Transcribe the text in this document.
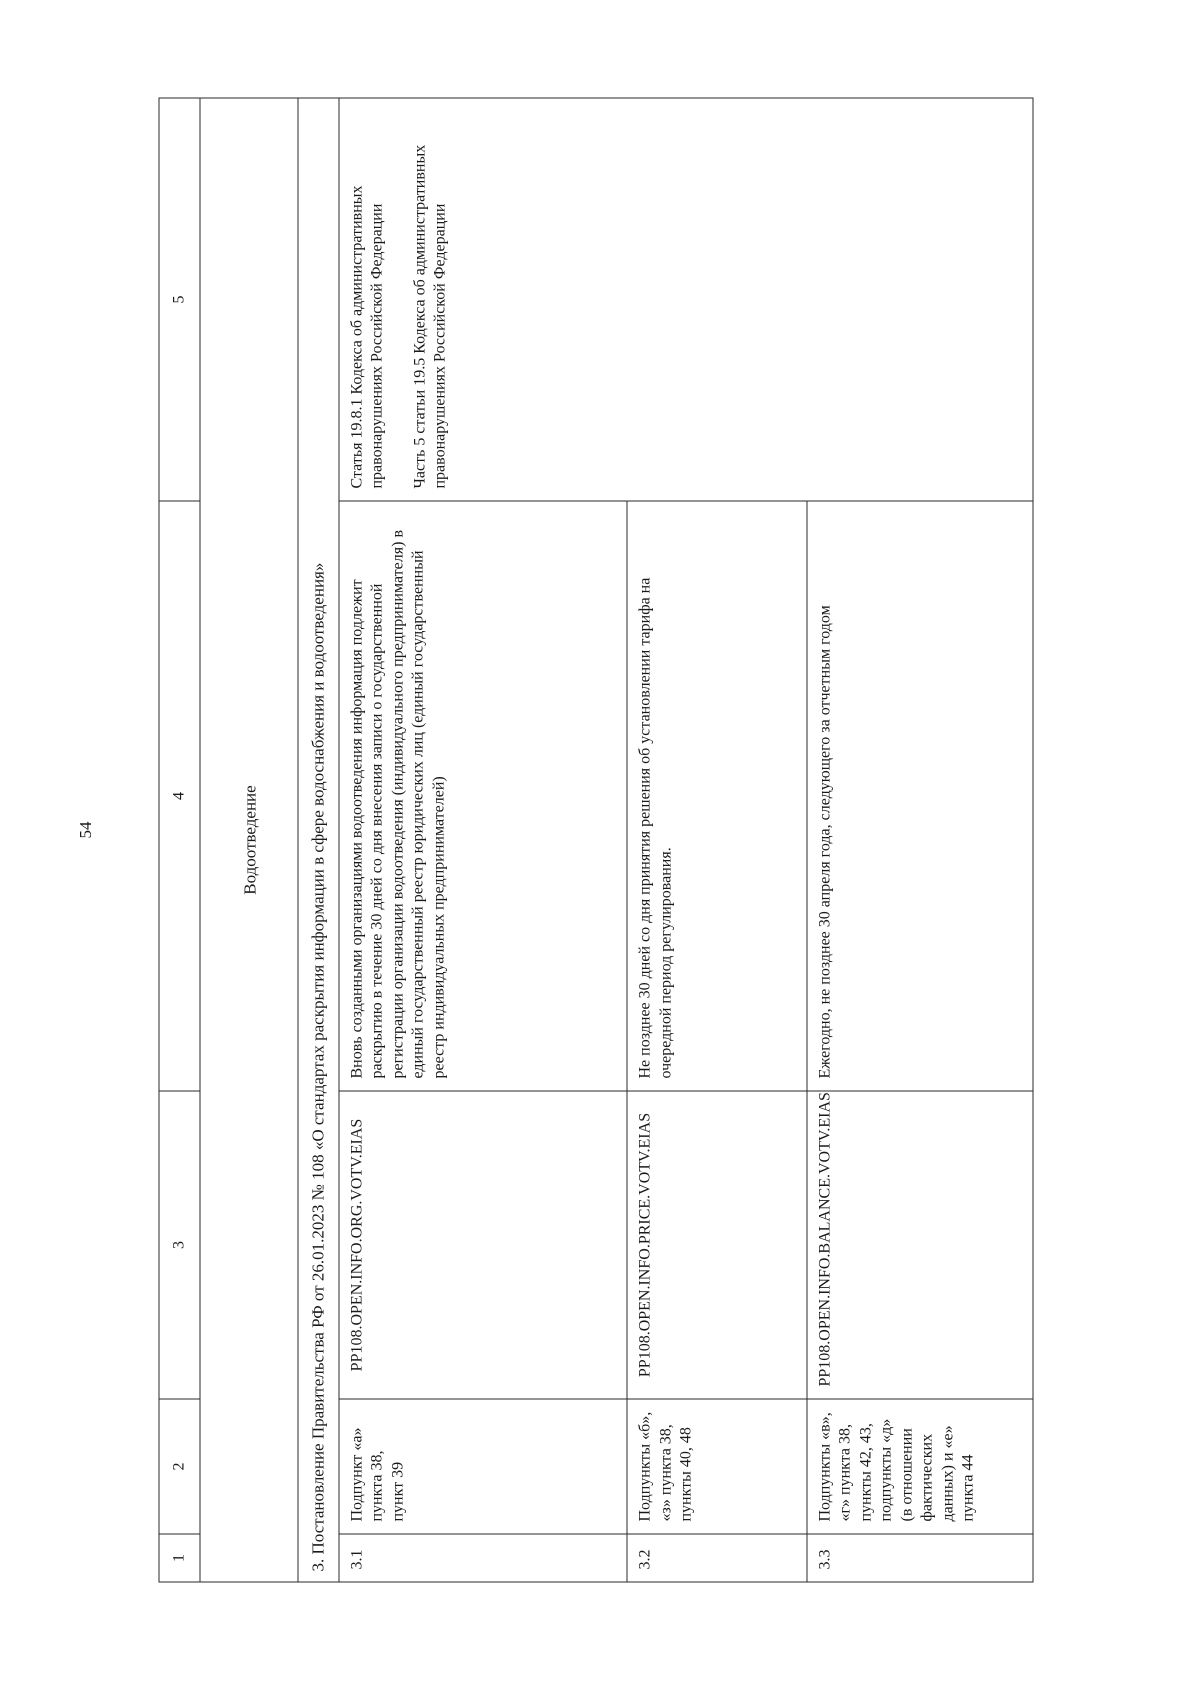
54
1	2	3	4	5
Водоотведение				
3. Постановление Правительства РФ от 26.01.2023 № 108 «О стандартах раскрытия информации в сфере водоснабжения и водоотведения»				
3.1	Подпункт «а» пункта 38, пункт 39	PP108.OPEN.INFO.ORG.VOTV.EIAS	Вновь созданными организациями водоотведения информация подлежит раскрытию в течение 30 дней со дня внесения записи о государственной регистрации организации водоотведения (индивидуального предпринимателя) в единый государственный реестр юридических лиц (единый государственный реестр индивидуальных предпринимателей)	Статья 19.8.1 Кодекса об административных правонарушениях Российской Федерации Часть 5 статьи 19.5 Кодекса об административных правонарушениях Российской Федерации

3.2	Подпункты «б», «з» пункта 38, пункты 40, 48	PP108.OPEN.INFO.PRICE.VOTV.EIAS	Не позднее 30 дней со дня принятия решения об установлении тарифа на очередной период регулирования.	
3.3	Подпункты «в», «г» пункта 38, пункты 42, 43, подпункты «д» (в отношении фактических данных) и «е» пункта 44	PP108.OPEN.INFO.BALANCE.VOTV.EIAS	Ежегодно, не позднее 30 апреля года, следующего за отчетным годом	
